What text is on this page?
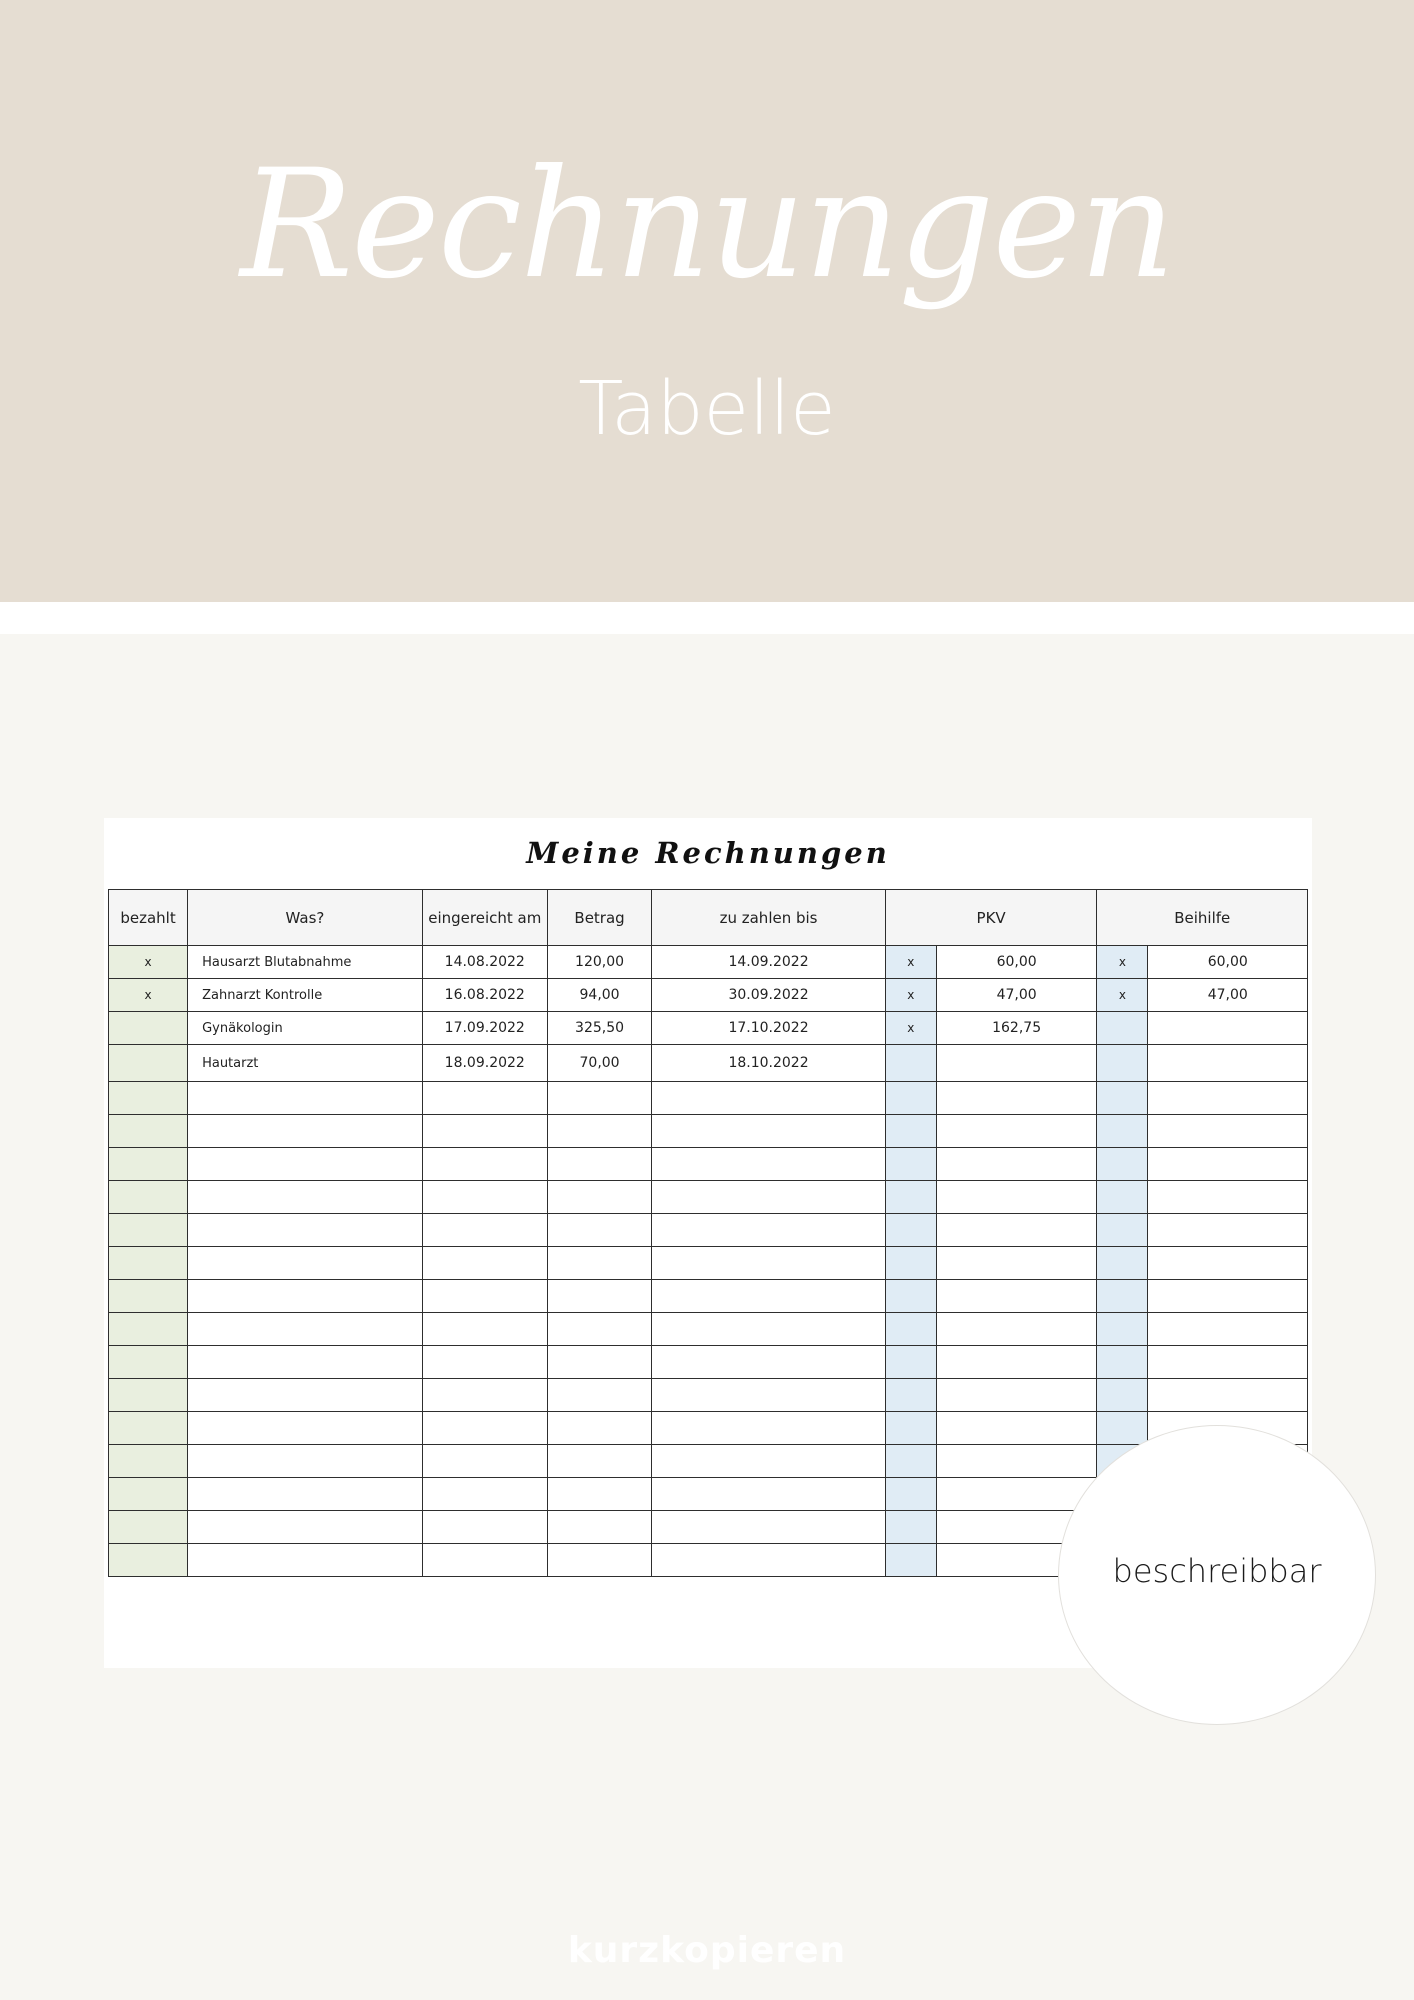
Rechnungen
Tabelle
Meine Rechnungen
bezahlt	Was?	eingereicht am	Betrag	zu zahlen bis	PKV		Beihilfe	
x	Hausarzt Blutabnahme	14.08.2022	120,00	14.09.2022	x	60,00	x	60,00
x	Zahnarzt Kontrolle	16.08.2022	94,00	30.09.2022	x	47,00	x	47,00
	Gynäkologin	17.09.2022	325,50	17.10.2022	x	162,75		
	Hautarzt	18.09.2022	70,00	18.10.2022				

beschreibbar
kurzkopieren
